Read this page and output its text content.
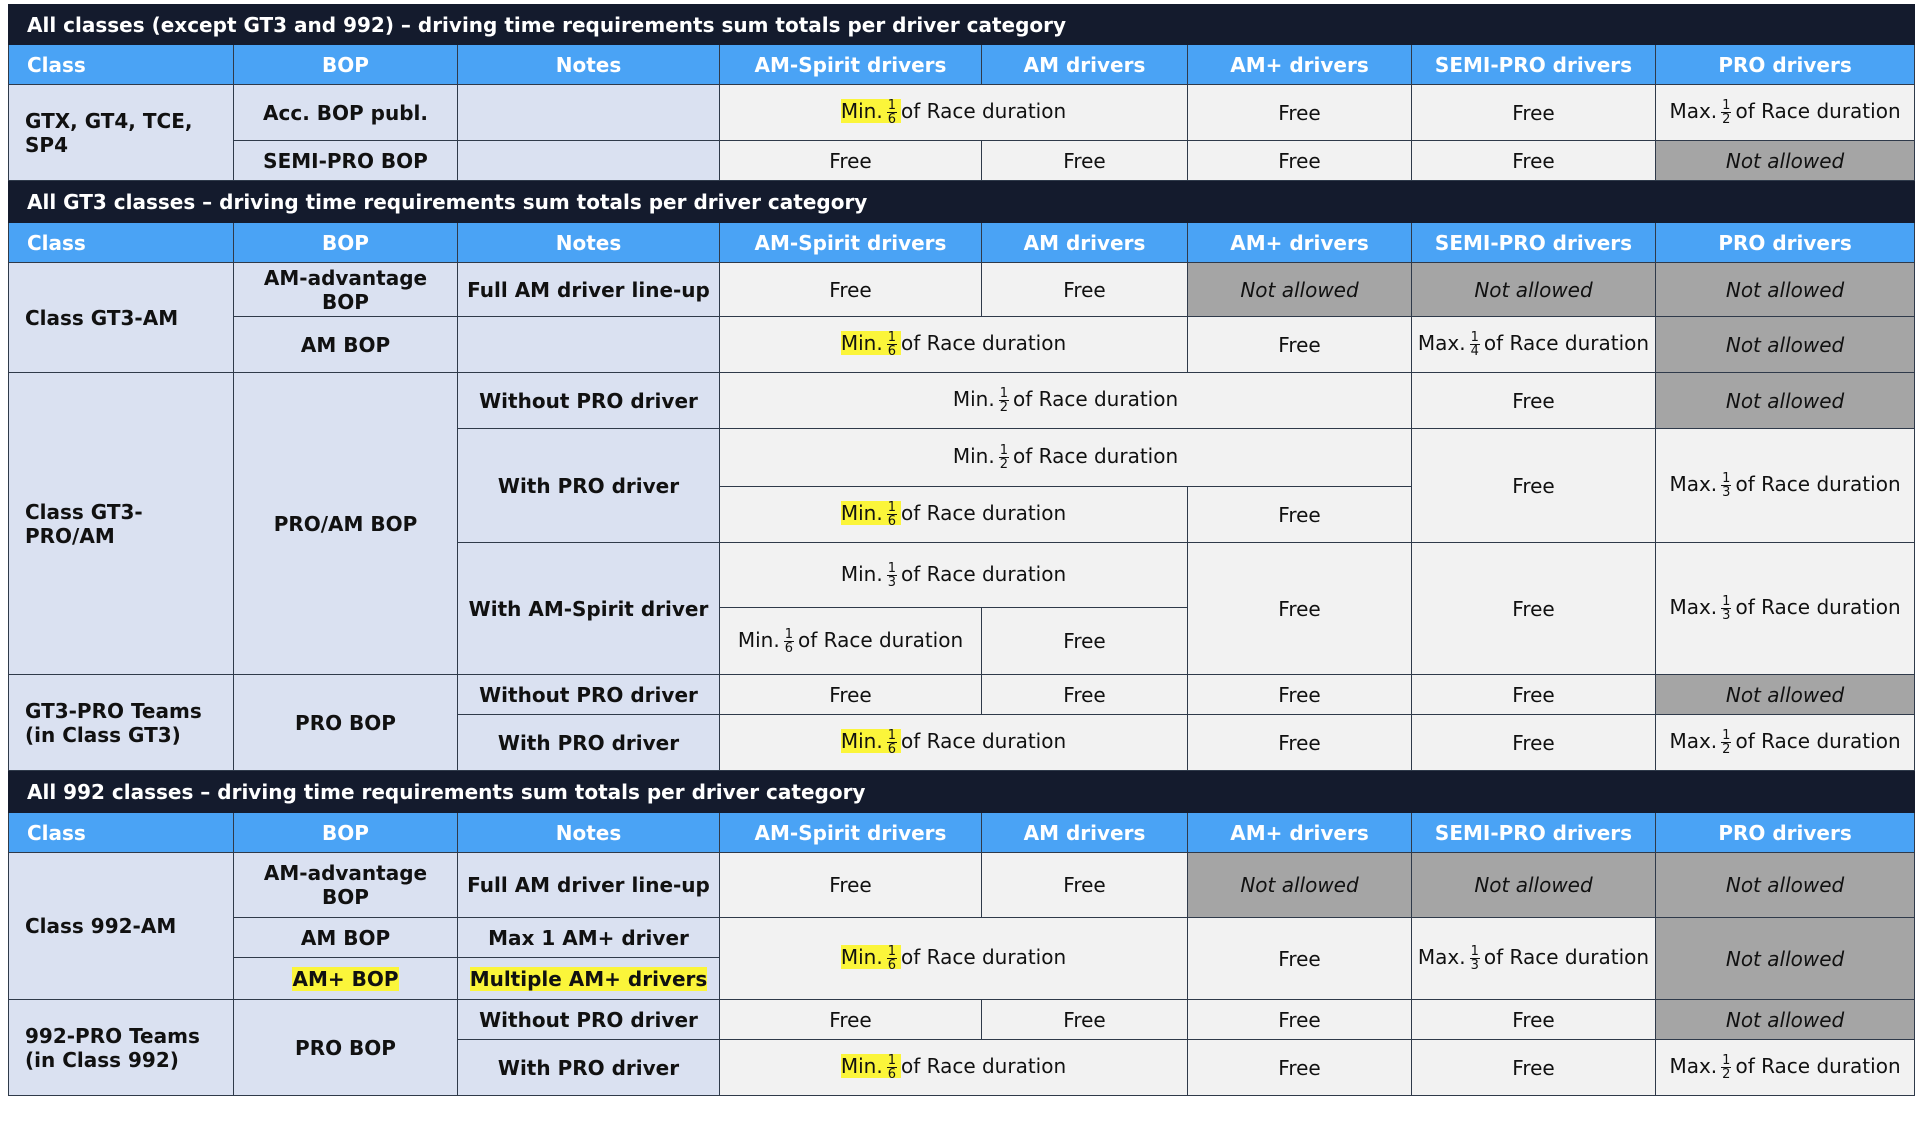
All classes (except GT3 and 992) – driving time requirements sum totals per driver category							
Class	BOP	Notes	AM-Spirit drivers	AM drivers	AM+ drivers	SEMI-PRO drivers	PRO drivers
GTX, GT4, TCE, SP4	Acc. BOP publ.		Min. $\frac{1}{6}$ of Race duration		Free	Free	Max. $\frac{1}{2}$ of Race duration
	SEMI-PRO BOP		Free	Free	Free	Free	Not allowed
All GT3 classes – driving time requirements sum totals per driver category							
Class	BOP	Notes	AM-Spirit drivers	AM drivers	AM+ drivers	SEMI-PRO drivers	PRO drivers
Class GT3-AM	AM-advantage BOP	Full AM driver line-up	Free	Free	Not allowed	Not allowed	Not allowed
	AM BOP		Min. $\frac{1}{6}$ of Race duration		Free	Max. $\frac{1}{4}$ of Race duration	Not allowed
Class GT3-PRO/AM	PRO/AM BOP	Without PRO driver	Min. $\frac{1}{2}$ of Race duration			Free	Not allowed
		With PRO driver	Min. $\frac{1}{2}$ of Race duration			Free	Max. $\frac{1}{3}$ of Race duration
			Min. $\frac{1}{6}$ of Race duration		Free		
		With AM-Spirit driver	Min. $\frac{1}{3}$ of Race duration		Free	Free	Max. $\frac{1}{3}$ of Race duration
			Min. $\frac{1}{6}$ of Race duration	Free			

GT3-PRO Teams
(in Class GT3)	PRO BOP	Without PRO driver	Free	Free	Free	Free	Not allowed
		With PRO driver	Min. $\frac{1}{6}$ of Race duration		Free	Free	Max. $\frac{1}{2}$ of Race duration
All 992 classes – driving time requirements sum totals per driver category							
Class	BOP	Notes	AM-Spirit drivers	AM drivers	AM+ drivers	SEMI-PRO drivers	PRO drivers
Class 992-AM	AM-advantage BOP	Full AM driver line-up	Free	Free	Not allowed	Not allowed	Not allowed
	AM BOP	Max 1 AM+ driver	Min. $\frac{1}{6}$ of Race duration		Free	Max. $\frac{1}{3}$ of Race duration	Not allowed
	AM+ BOP	Multiple AM+ drivers					

992-PRO Teams
(in Class 992)	PRO BOP	Without PRO driver	Free	Free	Free	Free	Not allowed
		With PRO driver	Min. $\frac{1}{6}$ of Race duration		Free	Free	Max. $\frac{1}{2}$ of Race duration
